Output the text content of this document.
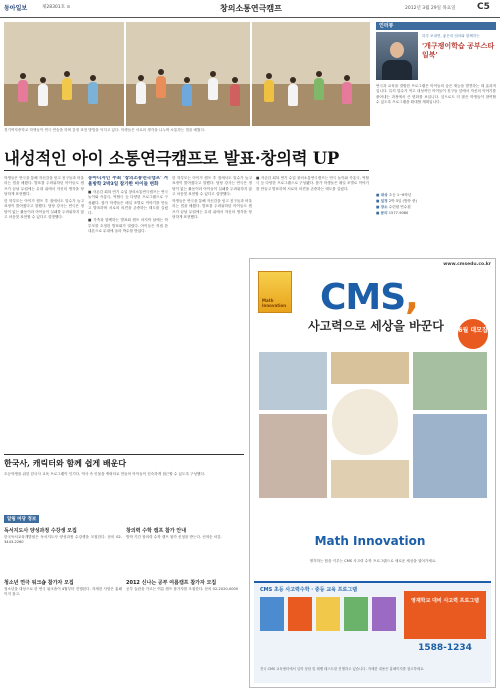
동아일보	제28301호 ⊙	창의소통연극캠프	2012년 3월 29일 목요일 C5
경기여자중학교 학생들이 연극 연습을 하며 감정 표현 방법을 익히고 있다. 학생들은 서로의 생각을 나누며 소통하는 법을 배웠다.
내성적인 아이 소통연극캠프로 발표·창의력 UP

학생들은 연극을 통해 자신감을 얻고 친구들과 어울리는 법을 배웠다. 발표를 두려워하던 아이들도 캠프가 끝날 무렵에는 무대 위에서 자신의 생각을 당당하게 표현했다.

한 학부모는 아이가 캠프 후 집에서도 말수가 늘고 표정이 밝아졌다고 말했다. 담당 강사는 연극은 정답이 없는 활동이라 아이들이 실패를 두려워하지 않고 마음껏 표현할 수 있다고 설명했다.

동아디자인 주최 '창의소통연극캠프' 겨울방학 2박3일 참가한 아이들 변화

■ 자존감 회복 연기 수업 창의소통연극캠프는 연극 놀이와 즉흥극, 역할극 등 다양한 프로그램으로 구성됐다. 참가 학생들은 매일 조별로 이야기를 만들고 발표하며 서로의 의견을 존중하는 태도를 길렀다.

■ 가족과 함께하는 발표회 캠프 마지막 날에는 학부모를 초청한 발표회가 열렸다. 아이들은 직접 쓴 대본으로 무대에 올라 박수를 받았다.

한 학부모는 아이가 캠프 후 집에서도 말수가 늘고 표정이 밝아졌다고 말했다. 담당 강사는 연극은 정답이 없는 활동이라 아이들이 실패를 두려워하지 않고 마음껏 표현할 수 있다고 설명했다.

학생들은 연극을 통해 자신감을 얻고 친구들과 어울리는 법을 배웠다. 발표를 두려워하던 아이들도 캠프가 끝날 무렵에는 무대 위에서 자신의 생각을 당당하게 표현했다.

■ 자존감 회복 연기 수업 창의소통연극캠프는 연극 놀이와 즉흥극, 역할극 등 다양한 프로그램으로 구성됐다. 참가 학생들은 매일 조별로 이야기를 만들고 발표하며 서로의 의견을 존중하는 태도를 길렀다.

인터뷰
하루 보내면, 좋은의 엄마와 함께하는
'개구쟁이학습 공부스타일북'
연극과 교육을 결합한 프로그램은 아이들의 숨은 재능을 발견하는 데 효과적입니다. 특히 말수가 적고 내성적인 아이들이 친구들 앞에서 자신의 이야기를 풀어내는 과정에서 큰 변화를 보입니다. 앞으로도 더 많은 학생들이 참여할 수 있도록 프로그램을 확대할 계획입니다.
■ 대상 초등 1~6학년
■ 일정 2박 3일 (방학 중)
■ 장소 수련원 연수원
■ 문의 1577-9080
www.cmsedu.co.kr
Math Innovation CMS,
사고력으로 세상을 바꾼다 6월 대모집
Math Innovation
생각하는 힘을 키우는 CMS 사고력 수학 프로그램으로 새로운 세상을 열어가세요.
CMS 초등 사고력수학 · 중등 교육 프로그램
영재학교 대비 사고력 프로그램
1588-1234
전국 CMS 교육센터에서 입학 상담 및 레벨 테스트를 진행하고 있습니다. 자세한 내용은 홈페이지를 참고하세요.
한국사, 캐릭터와 함께 쉽게 배운다
초등학생을 위한 한국사 교육 프로그램이 인기다. 역사 속 인물을 캐릭터로 만들어 아이들이 친숙하게 접근할 수 있도록 구성했다.
알림 마당 정보
독서지도사 양성과정 수강생 모집
한국독서교육개발원은 독서지도사 양성과정 수강생을 모집한다. 문의 02-3443-2260
청소년 연극 워크숍 참가자 모집
청소년을 대상으로 한 연극 워크숍이 4월부터 진행된다. 자세한 사항은 홈페이지 참고.
창의력 수학 캠프 참가 안내
방학 기간 창의력 수학 캠프 참가 신청을 받는다. 선착순 마감.
2012 신나는 공부 여름캠프 참가자 모집
공부 습관을 기르는 여름 캠프 참가자를 모집한다. 문의 02-2020-0000
